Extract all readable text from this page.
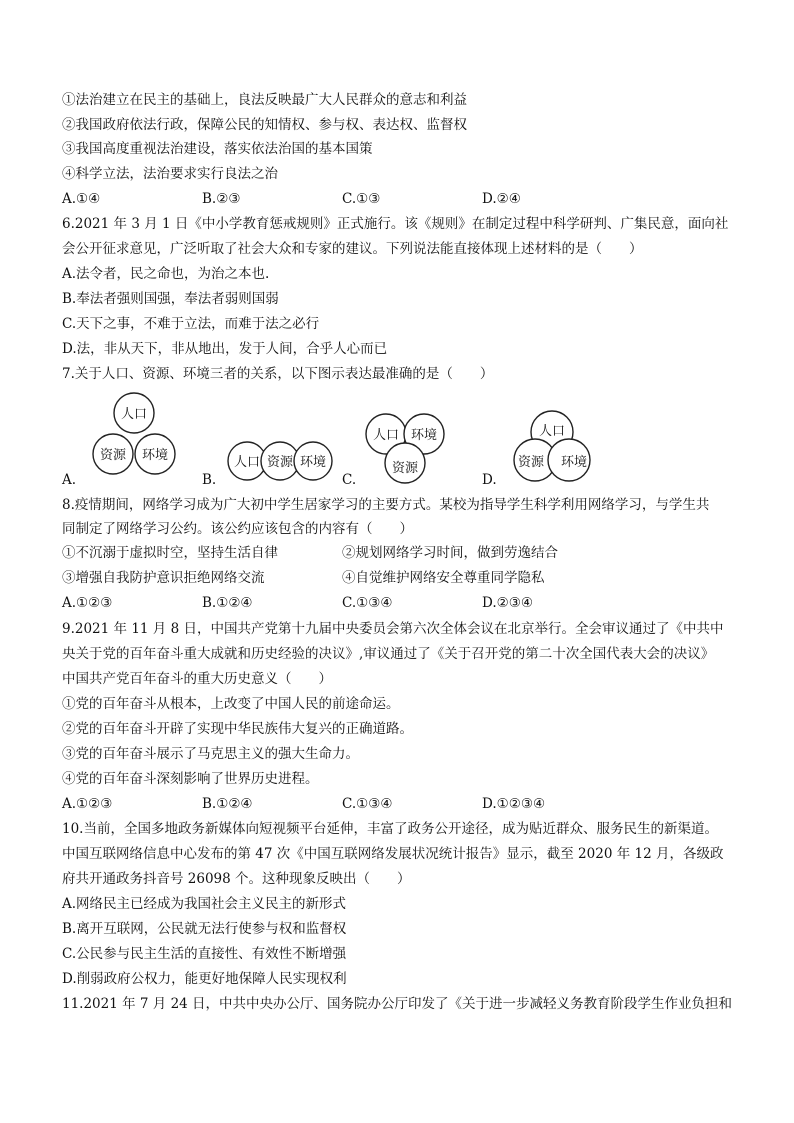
①法治建立在民主的基础上，良法反映最广大人民群众的意志和利益
②我国政府依法行政，保障公民的知情权、参与权、表达权、监督权
③我国高度重视法治建设，落实依法治国的基本国策
④科学立法，法治要求实行良法之治
A.①④	B.②③	C.①③	D.②④
6.2021 年 3 月 1 日《中小学教育惩戒规则》正式施行。该《规则》在制定过程中科学研判、广集民意，面向社
会公开征求意见，广泛听取了社会大众和专家的建议。下列说法能直接体现上述材料的是（　　）
A.法令者，民之命也，为治之本也.
B.奉法者强则国强，奉法者弱则国弱
C.天下之事，不难于立法，而难于法之必行
D.法，非从天下，非从地出，发于人间，合乎人心而已
7.关于人口、资源、环境三者的关系，以下图示表达最准确的是（　　）
人口
资源 环境
A.
人口 资源 环境
B.
人口 环境
资源
C.
人口
资源 环境
D.
8.疫情期间，网络学习成为广大初中学生居家学习的主要方式。某校为指导学生科学利用网络学习，与学生共
同制定了网络学习公约。该公约应该包含的内容有（　　）
①不沉溺于虚拟时空，坚持生活自律	②规划网络学习时间，做到劳逸结合
③增强自我防护意识拒绝网络交流	④自觉维护网络安全尊重同学隐私
A.①②③	B.①②④	C.①③④	D.②③④
9.2021 年 11 月 8 日，中国共产党第十九届中央委员会第六次全体会议在北京举行。全会审议通过了《中共中
央关于党的百年奋斗重大成就和历史经验的决议》,审议通过了《关于召开党的第二十次全国代表大会的决议》
中国共产党百年奋斗的重大历史意义（　　）
①党的百年奋斗从根本，上改变了中国人民的前途命运。
②党的百年奋斗开辟了实现中华民族伟大复兴的正确道路。
③党的百年奋斗展示了马克思主义的强大生命力。
④党的百年奋斗深刻影响了世界历史进程。
A.①②③	B.①②④	C.①③④	D.①②③④
10.当前，全国多地政务新媒体向短视频平台延伸，丰富了政务公开途径，成为贴近群众、服务民生的新渠道。
中国互联网络信息中心发布的第 47 次《中国互联网络发展状况统计报告》显示，截至 2020 年 12 月，各级政
府共开通政务抖音号 26098 个。这种现象反映出（　　）
A.网络民主已经成为我国社会主义民主的新形式
B.离开互联网，公民就无法行使参与权和监督权
C.公民参与民主生活的直接性、有效性不断增强
D.削弱政府公权力，能更好地保障人民实现权利
11.2021 年 7 月 24 日，中共中央办公厅、国务院办公厅印发了《关于进一步减轻义务教育阶段学生作业负担和
